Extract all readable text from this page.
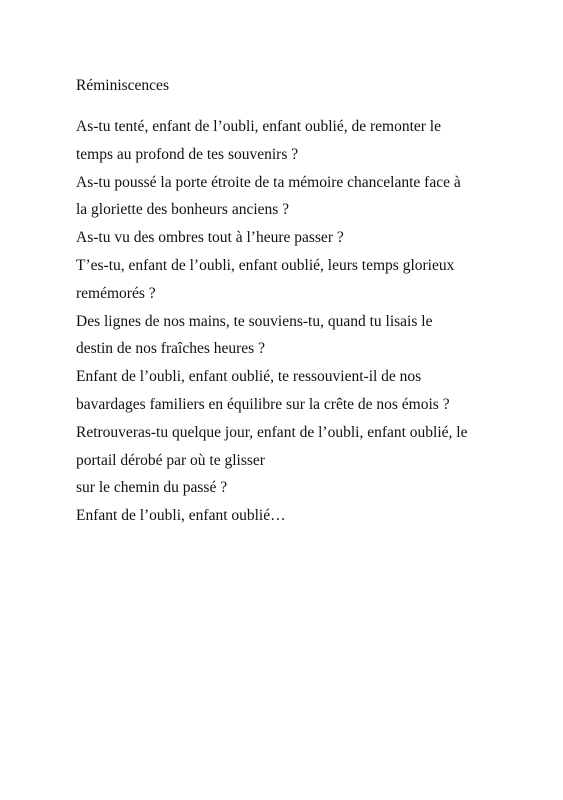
Réminiscences
As-tu tenté, enfant de l’oubli, enfant oublié, de remonter le
temps au profond de tes souvenirs ?
As-tu poussé la porte étroite de ta mémoire chancelante face à
la gloriette des bonheurs anciens ?
As-tu vu des ombres tout à l’heure passer ?
T’es-tu, enfant de l’oubli, enfant oublié, leurs temps glorieux
remémorés ?
Des lignes de nos mains, te souviens-tu, quand tu lisais le
destin de nos fraîches heures ?
Enfant de l’oubli, enfant oublié, te ressouvient-il de nos
bavardages familiers en équilibre sur la crête de nos émois ?
Retrouveras-tu quelque jour, enfant de l’oubli, enfant oublié, le
portail dérobé par où te glisser
sur le chemin du passé ?
Enfant de l’oubli, enfant oublié…
